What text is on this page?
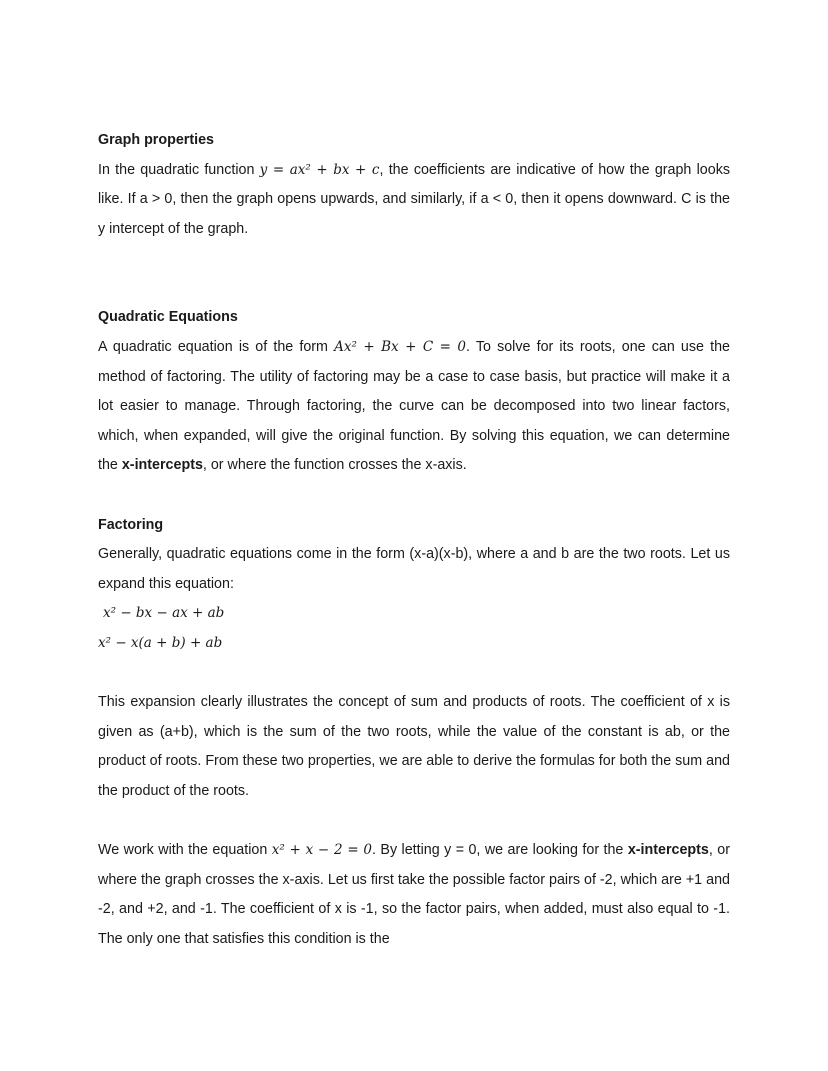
Graph properties

In the quadratic function y = ax² + bx + c, the coefficients are indicative of how the graph looks like. If a > 0, then the graph opens upwards, and similarly, if a < 0, then it opens downward. C is the y intercept of the graph.

Quadratic Equations

A quadratic equation is of the form Ax² + Bx + C = 0. To solve for its roots, one can use the method of factoring. The utility of factoring may be a case to case basis, but practice will make it a lot easier to manage. Through factoring, the curve can be decomposed into two linear factors, which, when expanded, will give the original function. By solving this equation, we can determine the x-intercepts, or where the function crosses the x-axis.

Factoring

Generally, quadratic equations come in the form (x-a)(x-b), where a and b are the two roots. Let us expand this equation:

x² − bx − ax + ab

x² − x(a + b) + ab

This expansion clearly illustrates the concept of sum and products of roots. The coefficient of x is given as (a+b), which is the sum of the two roots, while the value of the constant is ab, or the product of roots. From these two properties, we are able to derive the formulas for both the sum and the product of the roots.

We work with the equation x² + x − 2 = 0. By letting y = 0, we are looking for the x-intercepts, or where the graph crosses the x-axis. Let us first take the possible factor pairs of -2, which are +1 and -2, and +2, and -1. The coefficient of x is -1, so the factor pairs, when added, must also equal to -1. The only one that satisfies this condition is the
